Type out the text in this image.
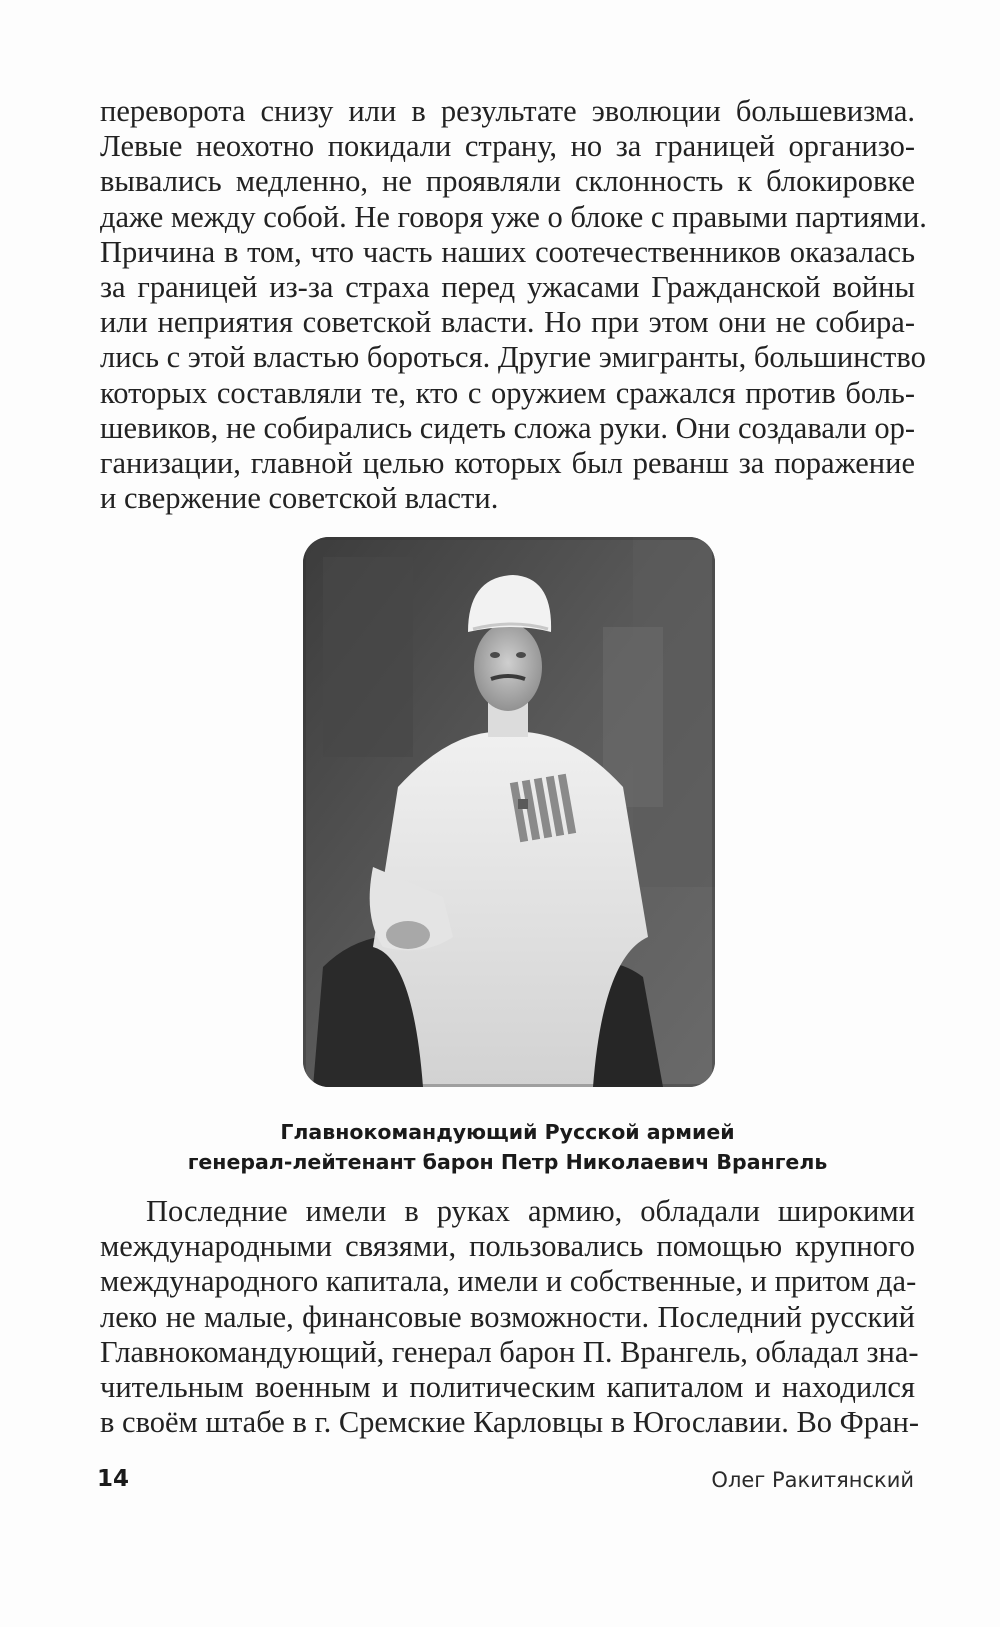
переворота снизу или в результате эволюции большевизма.
Левые неохотно покидали страну, но за границей организо-
вывались медленно, не проявляли склонность к блокировке
даже между собой. Не говоря уже о блоке с правыми партиями.
Причина в том, что часть наших соотечественников оказалась
за границей из-за страха перед ужасами Гражданской войны
или неприятия советской власти. Но при этом они не собира-
лись с этой властью бороться. Другие эмигранты, большинство
которых составляли те, кто с оружием сражался против боль-
шевиков, не собирались сидеть сложа руки. Они создавали ор-
ганизации, главной целью которых был реванш за поражение
и свержение советской власти.
Главнокомандующий Русской армией
генерал-лейтенант барон Петр Николаевич Врангель
Последние имели в руках армию, обладали широкими
международными связями, пользовались помощью крупного
международного капитала, имели и собственные, и притом да-
леко не малые, финансовые возможности. Последний русский
Главнокомандующий, генерал барон П. Врангель, обладал зна-
чительным военным и политическим капиталом и находился
в своём штабе в г. Сремские Карловцы в Югославии. Во Фран-
14	Олег Ракитянский
